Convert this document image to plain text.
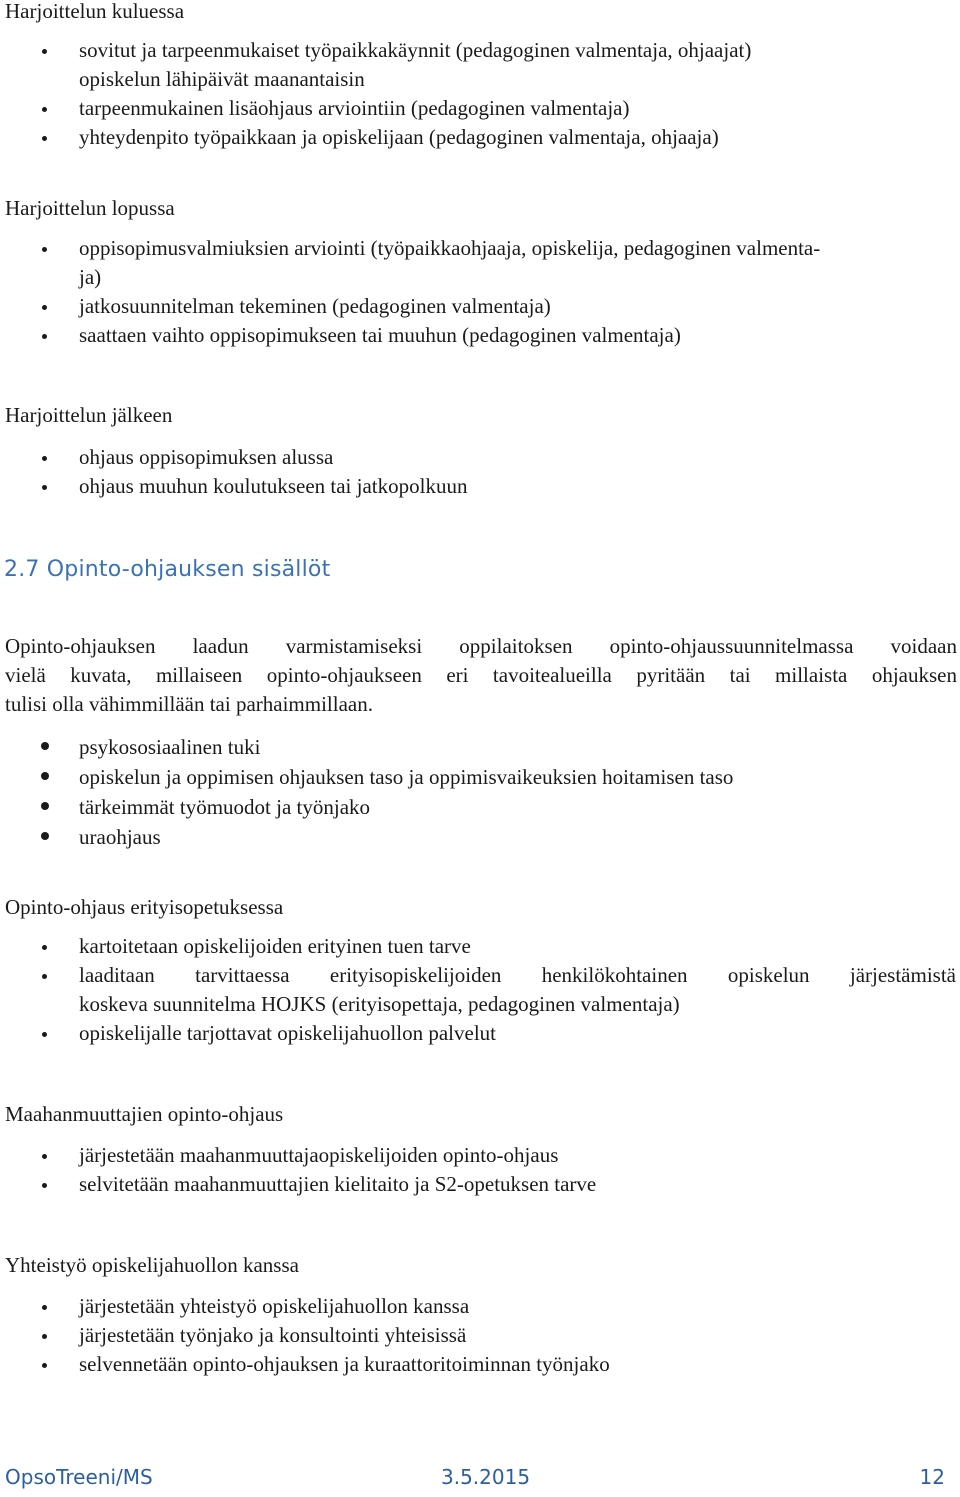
Harjoittelun kuluessa
sovitut ja tarpeenmukaiset työpaikkakäynnit (pedagoginen valmentaja, ohjaajat)
opiskelun lähipäivät maanantaisin
tarpeenmukainen lisäohjaus arviointiin (pedagoginen valmentaja)
yhteydenpito työpaikkaan ja opiskelijaan (pedagoginen valmentaja, ohjaaja)
Harjoittelun lopussa
oppisopimusvalmiuksien arviointi (työpaikkaohjaaja, opiskelija, pedagoginen valmenta-
ja)
jatkosuunnitelman tekeminen (pedagoginen valmentaja)
saattaen vaihto oppisopimukseen tai muuhun (pedagoginen valmentaja)
Harjoittelun jälkeen
ohjaus oppisopimuksen alussa
ohjaus muuhun koulutukseen tai jatkopolkuun
2.7 Opinto-ohjauksen sisällöt
Opinto-ohjauksen laadun varmistamiseksi oppilaitoksen opinto-ohjaussuunnitelmassa voidaan
vielä kuvata, millaiseen opinto-ohjaukseen eri tavoitealueilla pyritään tai millaista ohjauksen
tulisi olla vähimmillään tai parhaimmillaan.
psykososiaalinen tuki
opiskelun ja oppimisen ohjauksen taso ja oppimisvaikeuksien hoitamisen taso
tärkeimmät työmuodot ja työnjako
uraohjaus
Opinto-ohjaus erityisopetuksessa
kartoitetaan opiskelijoiden erityinen tuen tarve
laaditaan tarvittaessa erityisopiskelijoiden henkilökohtainen opiskelun järjestämistä
koskeva suunnitelma HOJKS (erityisopettaja, pedagoginen valmentaja)
opiskelijalle tarjottavat opiskelijahuollon palvelut
Maahanmuuttajien opinto-ohjaus
järjestetään maahanmuuttajaopiskelijoiden opinto-ohjaus
selvitetään maahanmuuttajien kielitaito ja S2-opetuksen tarve
Yhteistyö opiskelijahuollon kanssa
järjestetään yhteistyö opiskelijahuollon kanssa
järjestetään työnjako ja konsultointi yhteisissä
selvennetään opinto-ohjauksen ja kuraattoritoiminnan työnjako
OpsoTreeni/MS	3.5.2015	12
